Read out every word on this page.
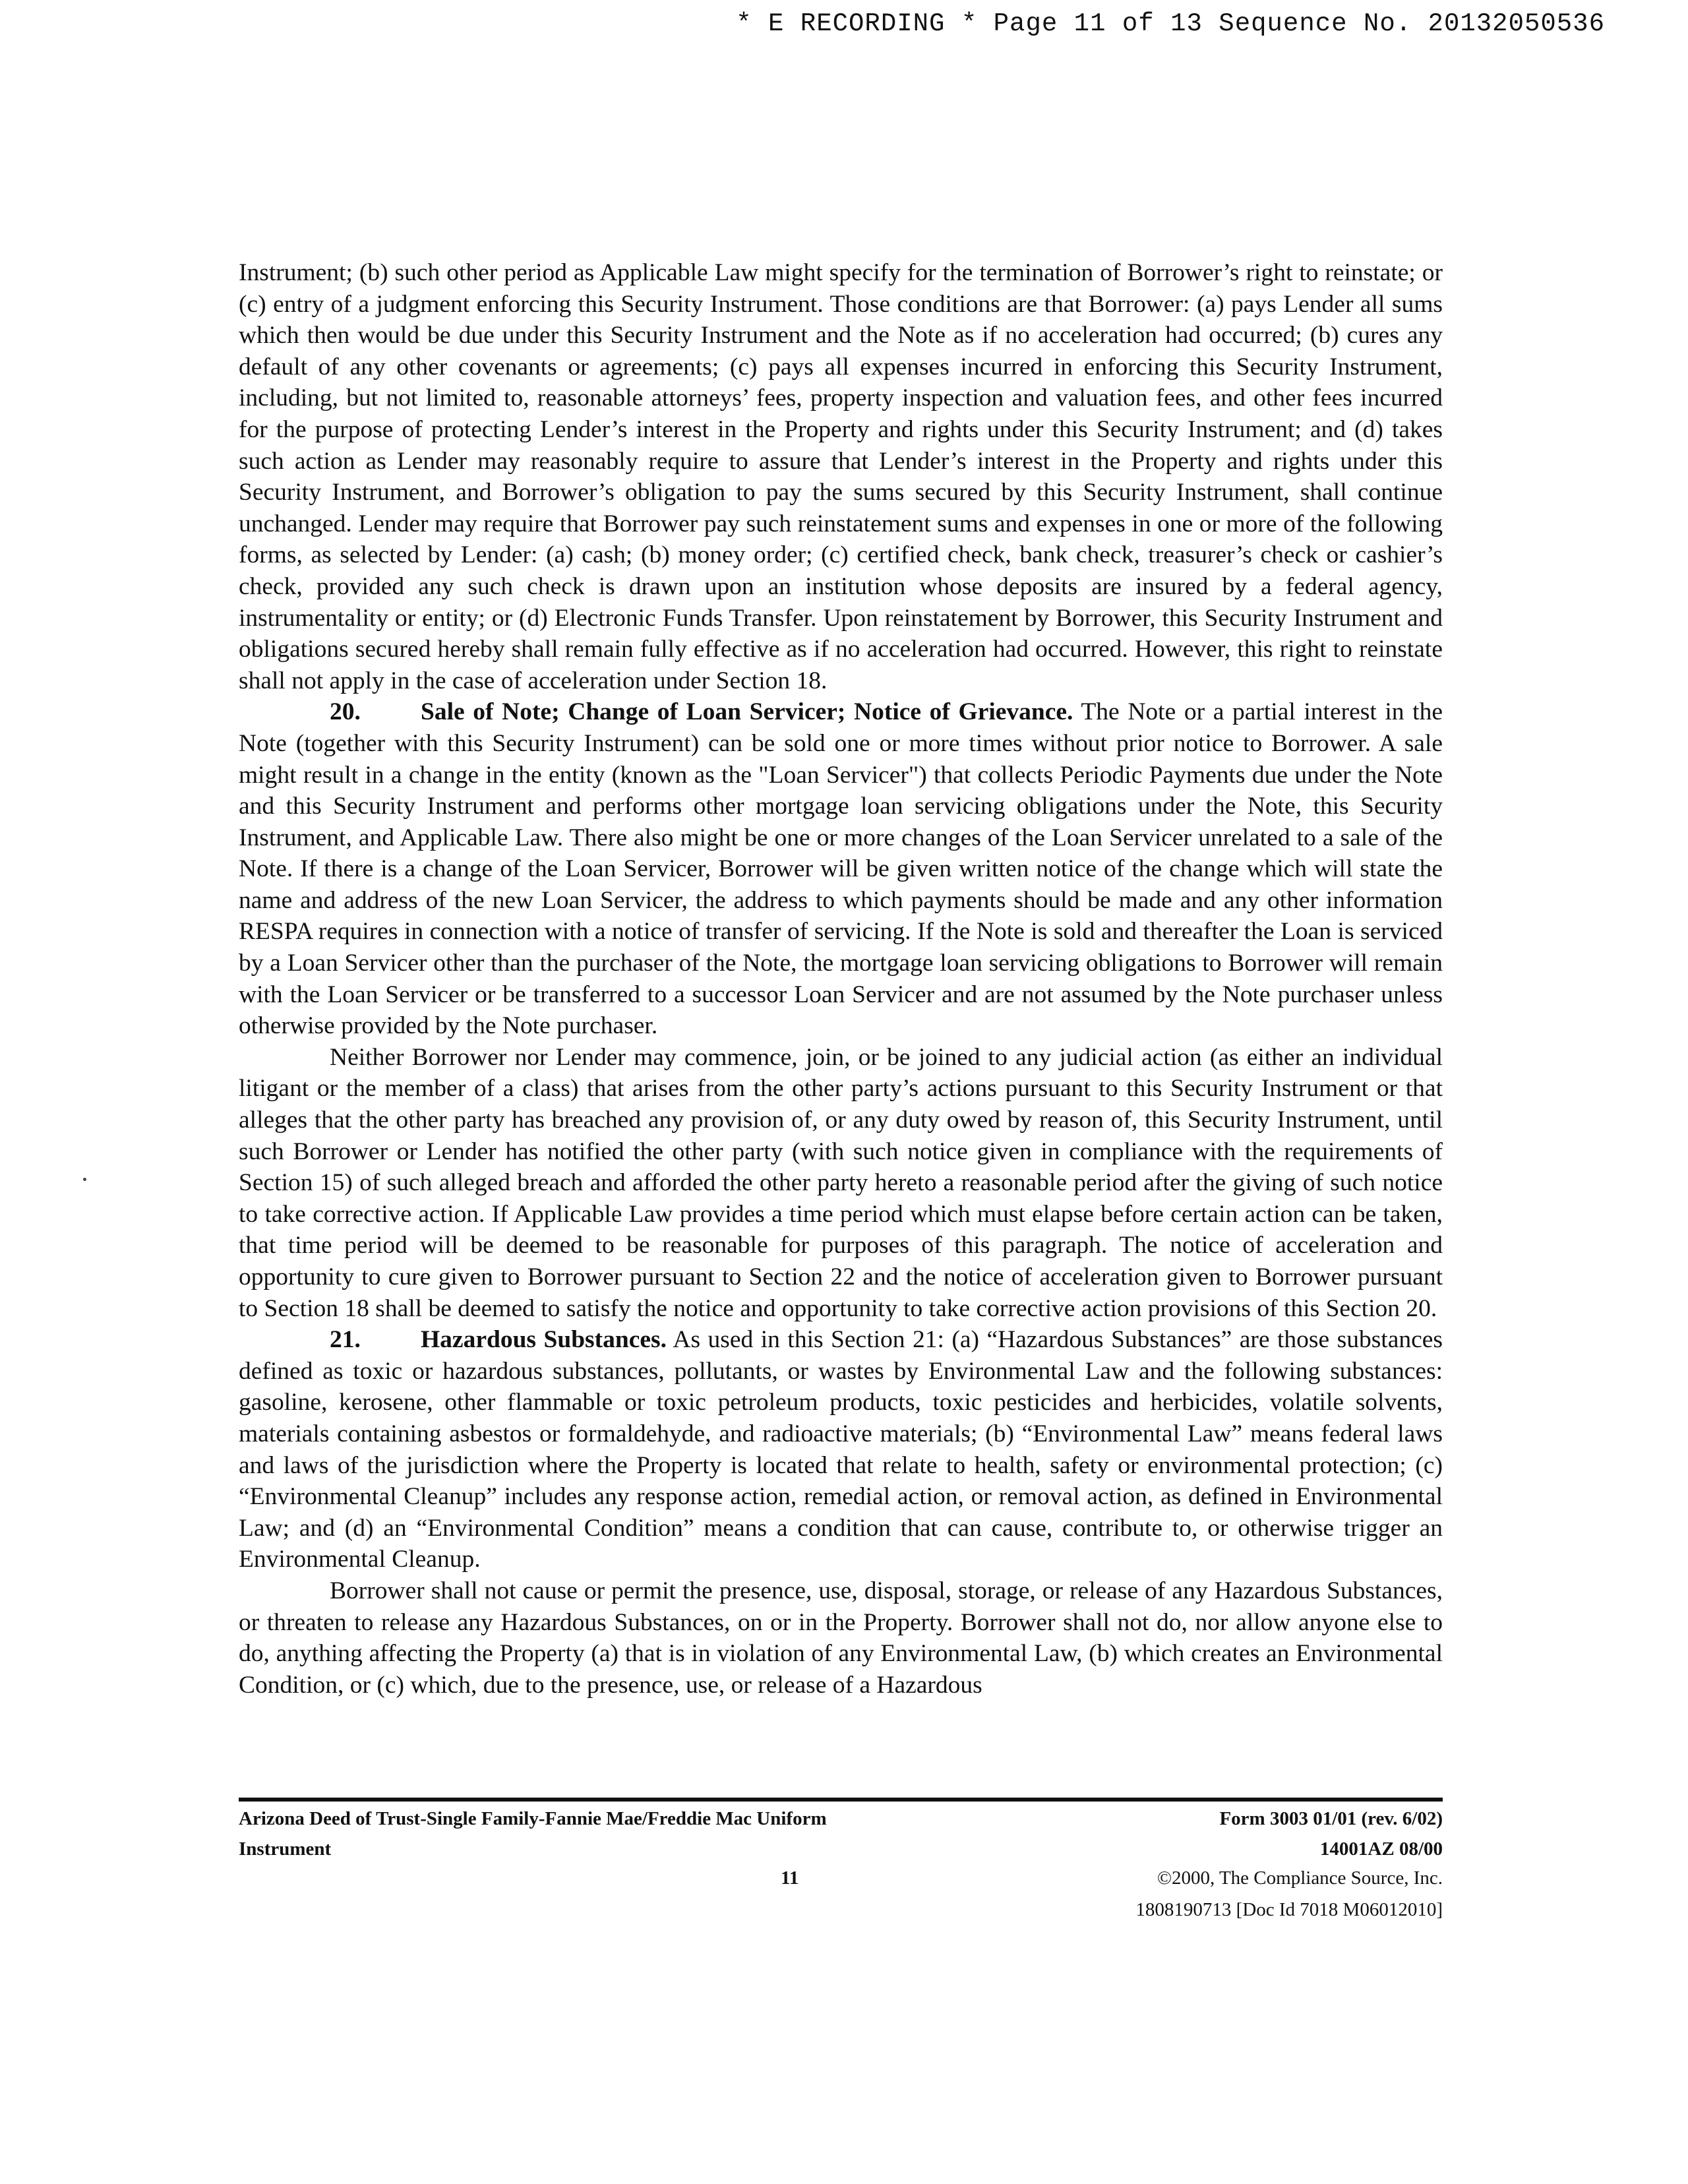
* E RECORDING * Page 11 of 13 Sequence No. 20132050536

Instrument; (b) such other period as Applicable Law might specify for the termination of Borrower’s right to reinstate; or (c) entry of a judgment enforcing this Security Instrument. Those conditions are that Borrower: (a) pays Lender all sums which then would be due under this Security Instrument and the Note as if no acceleration had occurred; (b) cures any default of any other covenants or agreements; (c) pays all expenses incurred in enforcing this Security Instrument, including, but not limited to, reasonable attorneys’ fees, property inspection and valuation fees, and other fees incurred for the purpose of protecting Lender’s interest in the Property and rights under this Security Instrument; and (d) takes such action as Lender may reasonably require to assure that Lender’s interest in the Property and rights under this Security Instrument, and Borrower’s obligation to pay the sums secured by this Security Instrument, shall continue unchanged. Lender may require that Borrower pay such reinstatement sums and expenses in one or more of the following forms, as selected by Lender: (a) cash; (b) money order; (c) certified check, bank check, treasurer’s check or cashier’s check, provided any such check is drawn upon an institution whose deposits are insured by a federal agency, instrumentality or entity; or (d) Electronic Funds Transfer. Upon reinstatement by Borrower, this Security Instrument and obligations secured hereby shall remain fully effective as if no acceleration had occurred. However, this right to reinstate shall not apply in the case of acceleration under Section 18.

20. Sale of Note; Change of Loan Servicer; Notice of Grievance. The Note or a partial interest in the Note (together with this Security Instrument) can be sold one or more times without prior notice to Borrower. A sale might result in a change in the entity (known as the "Loan Servicer") that collects Periodic Payments due under the Note and this Security Instrument and performs other mortgage loan servicing obligations under the Note, this Security Instrument, and Applicable Law. There also might be one or more changes of the Loan Servicer unrelated to a sale of the Note. If there is a change of the Loan Servicer, Borrower will be given written notice of the change which will state the name and address of the new Loan Servicer, the address to which payments should be made and any other information RESPA requires in connection with a notice of transfer of servicing. If the Note is sold and thereafter the Loan is serviced by a Loan Servicer other than the purchaser of the Note, the mortgage loan servicing obligations to Borrower will remain with the Loan Servicer or be transferred to a successor Loan Servicer and are not assumed by the Note purchaser unless otherwise provided by the Note purchaser.

Neither Borrower nor Lender may commence, join, or be joined to any judicial action (as either an individual litigant or the member of a class) that arises from the other party’s actions pursuant to this Security Instrument or that alleges that the other party has breached any provision of, or any duty owed by reason of, this Security Instrument, until such Borrower or Lender has notified the other party (with such notice given in compliance with the requirements of Section 15) of such alleged breach and afforded the other party hereto a reasonable period after the giving of such notice to take corrective action. If Applicable Law provides a time period which must elapse before certain action can be taken, that time period will be deemed to be reasonable for purposes of this paragraph. The notice of acceleration and opportunity to cure given to Borrower pursuant to Section 22 and the notice of acceleration given to Borrower pursuant to Section 18 shall be deemed to satisfy the notice and opportunity to take corrective action provisions of this Section 20.

21. Hazardous Substances. As used in this Section 21: (a) “Hazardous Substances” are those substances defined as toxic or hazardous substances, pollutants, or wastes by Environmental Law and the following substances: gasoline, kerosene, other flammable or toxic petroleum products, toxic pesticides and herbicides, volatile solvents, materials containing asbestos or formaldehyde, and radioactive materials; (b) “Environmental Law” means federal laws and laws of the jurisdiction where the Property is located that relate to health, safety or environmental protection; (c) “Environmental Cleanup” includes any response action, remedial action, or removal action, as defined in Environmental Law; and (d) an “Environmental Condition” means a condition that can cause, contribute to, or otherwise trigger an Environmental Cleanup.

Borrower shall not cause or permit the presence, use, disposal, storage, or release of any Hazardous Substances, or threaten to release any Hazardous Substances, on or in the Property. Borrower shall not do, nor allow anyone else to do, anything affecting the Property (a) that is in violation of any Environmental Law, (b) which creates an Environmental Condition, or (c) which, due to the presence, use, or release of a Hazardous

Arizona Deed of Trust-Single Family-Fannie Mae/Freddie Mac Uniform
Instrument
11
Form 3003 01/01 (rev. 6/02)
14001AZ 08/00
©2000, The Compliance Source, Inc.
1808190713 [Doc Id 7018 M06012010]
